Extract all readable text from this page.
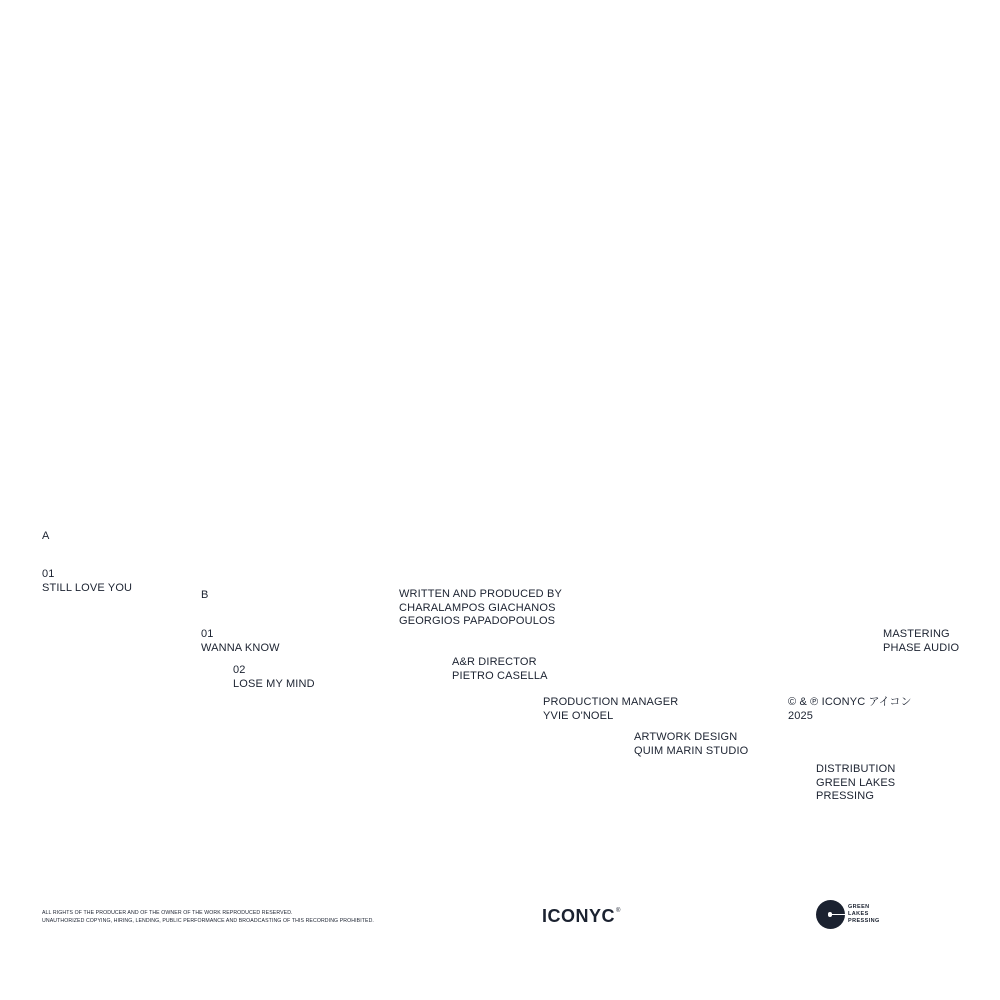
A
01
STILL LOVE YOU
B
01
WANNA KNOW
02
LOSE MY MIND
WRITTEN AND PRODUCED BY
CHARALAMPOS GIACHANOS
GEORGIOS PAPADOPOULOS
A&R DIRECTOR
PIETRO CASELLA
PRODUCTION MANAGER
YVIE O'NOEL
ARTWORK DESIGN
QUIM MARIN STUDIO
MASTERING
PHASE AUDIO
© & ℗ ICONYC アイコン
2025
DISTRIBUTION
GREEN LAKES
PRESSING
ALL RIGHTS OF THE PRODUCER AND OF THE OWNER OF THE WORK REPRODUCED RESERVED.
UNAUTHORIZED COPYING, HIRING, LENDING, PUBLIC PERFORMANCE AND BROADCASTING OF THIS RECORDING PROHIBITED.	ICONYC ®
GREEN
LAKES
PRESSING
